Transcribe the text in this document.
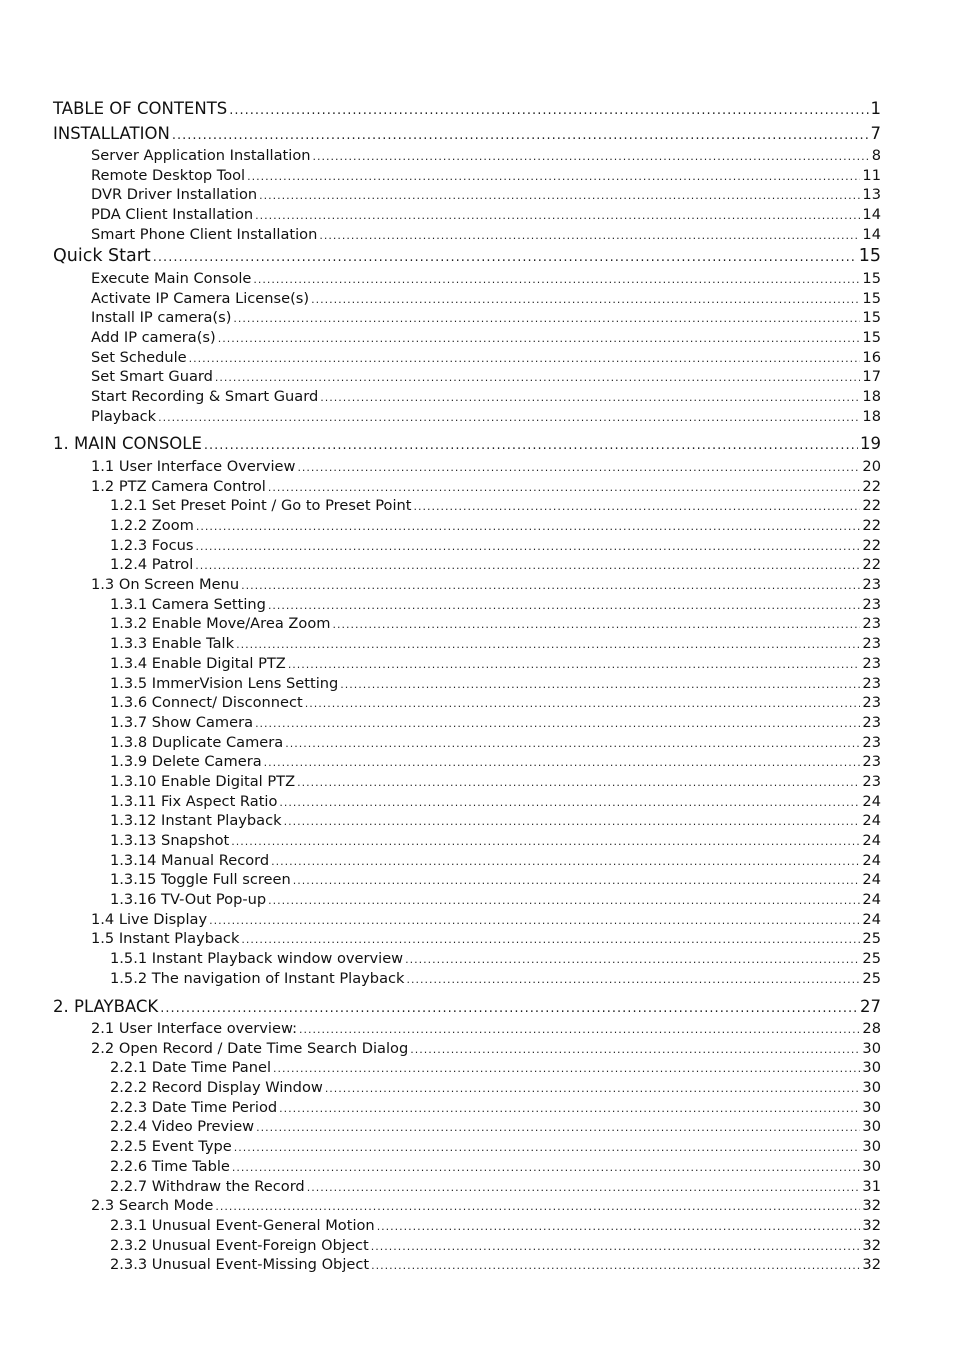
TABLE OF CONTENTS .....	1
INSTALLATION .....	7
Server Application Installation .....	8
Remote Desktop Tool .....	11
DVR Driver Installation .....	13
PDA Client Installation .....	14
Smart Phone Client Installation .....	14
Quick Start .....	15
Execute Main Console .....	15
Activate IP Camera License(s) .....	15
Install IP camera(s) .....	15
Add IP camera(s) .....	15
Set Schedule .....	16
Set Smart Guard .....	17
Start Recording & Smart Guard .....	18
Playback .....	18
1. MAIN CONSOLE .....	19
1.1 User Interface Overview .....	20
1.2 PTZ Camera Control .....	22
1.2.1 Set Preset Point / Go to Preset Point .....	22
1.2.2 Zoom .....	22
1.2.3 Focus .....	22
1.2.4 Patrol .....	22
1.3 On Screen Menu .....	23
1.3.1 Camera Setting .....	23
1.3.2 Enable Move/Area Zoom .....	23
1.3.3 Enable Talk .....	23
1.3.4 Enable Digital PTZ .....	23
1.3.5 ImmerVision Lens Setting .....	23
1.3.6 Connect/ Disconnect .....	23
1.3.7 Show Camera .....	23
1.3.8 Duplicate Camera .....	23
1.3.9 Delete Camera .....	23
1.3.10 Enable Digital PTZ .....	23
1.3.11 Fix Aspect Ratio .....	24
1.3.12 Instant Playback .....	24
1.3.13 Snapshot .....	24
1.3.14 Manual Record .....	24
1.3.15 Toggle Full screen .....	24
1.3.16 TV-Out Pop-up .....	24
1.4 Live Display .....	24
1.5 Instant Playback .....	25
1.5.1 Instant Playback window overview .....	25
1.5.2 The navigation of Instant Playback .....	25
2. PLAYBACK .....	27
2.1 User Interface overview: .....	28
2.2 Open Record / Date Time Search Dialog .....	30
2.2.1 Date Time Panel .....	30
2.2.2 Record Display Window .....	30
2.2.3 Date Time Period .....	30
2.2.4 Video Preview .....	30
2.2.5 Event Type .....	30
2.2.6 Time Table .....	30
2.2.7 Withdraw the Record .....	31
2.3 Search Mode .....	32
2.3.1 Unusual Event-General Motion .....	32
2.3.2 Unusual Event-Foreign Object .....	32
2.3.3 Unusual Event-Missing Object .....	32
